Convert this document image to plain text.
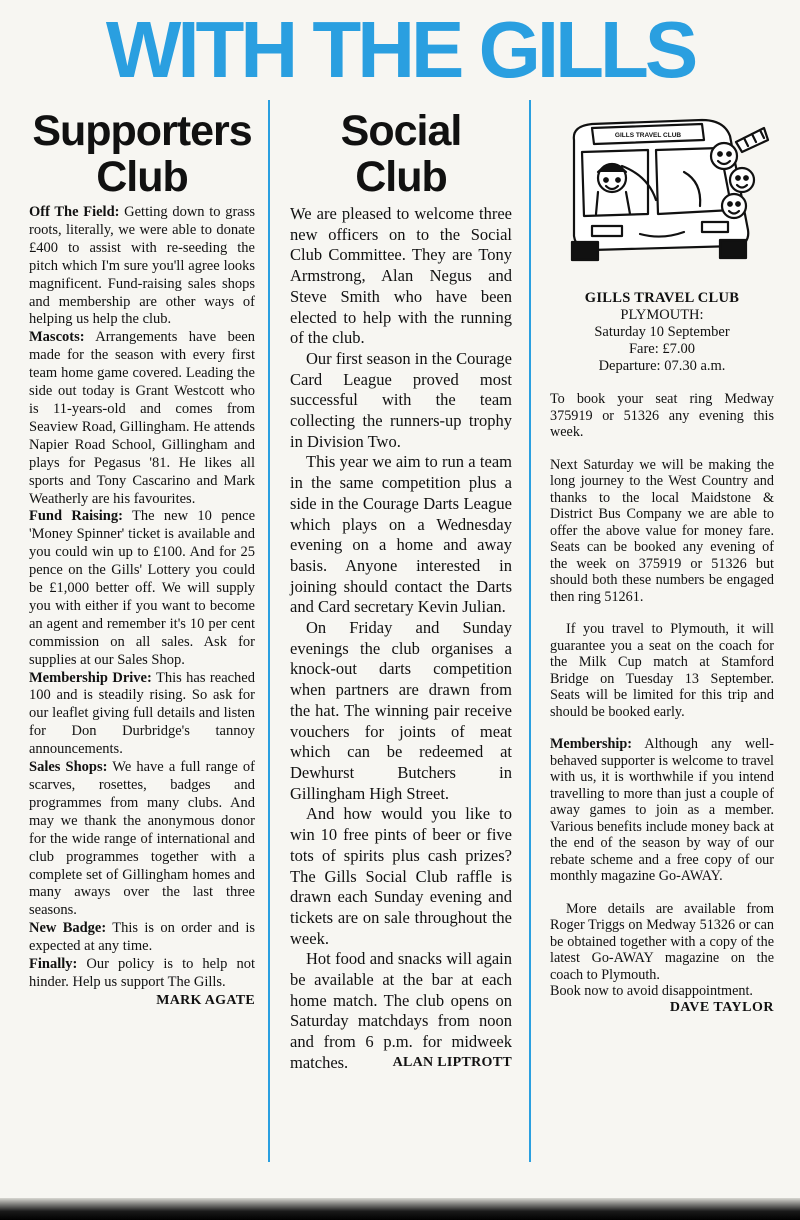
WITH THE GILLS
Supporters
Club

Off The Field: Getting down to grass roots, literally, we were able to donate £400 to assist with re-seeding the pitch which I'm sure you'll agree looks magnificent. Fund-raising sales shops and membership are other ways of helping us help the club.

Mascots: Arrangements have been made for the season with every first team home game covered. Leading the side out today is Grant Westcott who is 11-years-old and comes from Seaview Road, Gillingham. He attends Napier Road School, Gillingham and plays for Pegasus '81. He likes all sports and Tony Cascarino and Mark Weatherly are his favourites.

Fund Raising: The new 10 pence 'Money Spinner' ticket is available and you could win up to £100. And for 25 pence on the Gills' Lottery you could be £1,000 better off. We will supply you with either if you want to become an agent and remember it's 10 per cent commission on all sales. Ask for supplies at our Sales Shop.

Membership Drive: This has reached 100 and is steadily rising. So ask for our leaflet giving full details and listen for Don Durbridge's tannoy announcements.

Sales Shops: We have a full range of scarves, rosettes, badges and programmes from many clubs. And may we thank the anonymous donor for the wide range of international and club programmes together with a complete set of Gillingham homes and many aways over the last three seasons.

New Badge: This is on order and is expected at any time.

Finally: Our policy is to help not hinder. Help us support The Gills.
MARK AGATE

Social
Club

We are pleased to welcome three new officers on to the Social Club Committee. They are Tony Armstrong, Alan Negus and Steve Smith who have been elected to help with the running of the club.

Our first season in the Courage Card League proved most successful with the team collecting the runners-up trophy in Division Two.

This year we aim to run a team in the same competition plus a side in the Courage Darts League which plays on a Wednesday evening on a home and away basis. Anyone interested in joining should contact the Darts and Card secretary Kevin Julian.

On Friday and Sunday evenings the club organises a knock-out darts competition when partners are drawn from the hat. The winning pair receive vouchers for joints of meat which can be redeemed at Dewhurst Butchers in Gillingham High Street.

And how would you like to win 10 free pints of beer or five tots of spirits plus cash prizes? The Gills Social Club raffle is drawn each Sunday evening and tickets are on sale throughout the week.

Hot food and snacks will again be available at the bar at each home match. The club opens on Saturday matchdays from noon and from 6 p.m. for midweek matches.	ALAN LIPTROTT

GILLS TRAVEL CLUB
GILLS TRAVEL CLUB
PLYMOUTH:
Saturday 10 September
Fare: £7.00
Departure: 07.30 a.m.

To book your seat ring Medway 375919 or 51326 any evening this week.

Next Saturday we will be making the long journey to the West Country and thanks to the local Maidstone & District Bus Company we are able to offer the above value for money fare. Seats can be booked any evening of the week on 375919 or 51326 but should both these numbers be engaged then ring 51261.

If you travel to Plymouth, it will guarantee you a seat on the coach for the Milk Cup match at Stamford Bridge on Tuesday 13 September. Seats will be limited for this trip and should be booked early.

Membership: Although any well-behaved supporter is welcome to travel with us, it is worthwhile if you intend travelling to more than just a couple of away games to join as a member. Various benefits include money back at the end of the season by way of our rebate scheme and a free copy of our monthly magazine Go-AWAY.

More details are available from Roger Triggs on Medway 51326 or can be obtained together with a copy of the latest Go-AWAY magazine on the coach to Plymouth.

Book now to avoid disappointment.

DAVE TAYLOR
